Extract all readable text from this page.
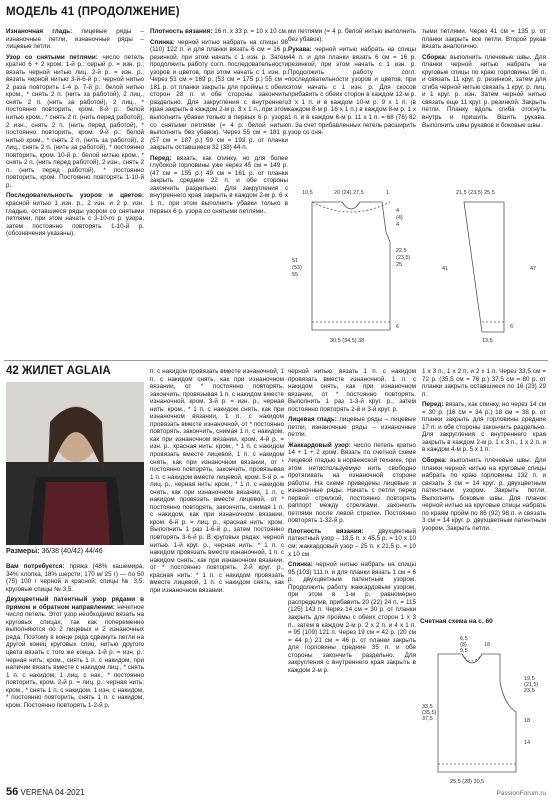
МОДЕЛЬ 41 (ПРОДОЛЖЕНИЕ)

Изнаночная гладь: лицевые ряды – изнаночные петли, изнаночные ряды – лицевые петли.

Узор со снятыми петлями: число петель кратно 6 + 2 кром. 1-й р.: серый р. = изн. р.; вязать черной нитью лиц. 2-й р. = изн. р.; вязать черной нитью 3-й-6-й р.: черной нитью 2 раза повторить 1-4 р. 7-й р.: белой нитью кром., * снять 2 п. (нить за работой), 2 лиц., снять 2 п. (нить за работой), 2 лиц., * постоянно повторить, кром. 8-й р.: белой нитью кром., * снять 2 п. (нить перед работой), 2 изн., снять 2 п. (нить перед работой), * постоянно повторить, кром. 9-й р.: белой нитью кром., * снять 2 п. (нить за работой), 2 лиц., снять 2 п. (нить за работой), * постоянно повторить, кром. 10-й р.: белой нитью кром., * снять 2 п. (нить перед работой), 2 изн., снять 2 п. (нить перед работой), * постоянно повторить, кром. Постоянно повторять 1-10-й р.

Последовательность узоров и цветов: красной нитью 1 изн. р., 2 изн. и 2 р. изн. гладью, оставшиеся ряды узором со снятыми петлями, при этом начать с 3-10-го р. узора, затем постоянно повторять 1-10-й р. (обозначения указаны).

Плотность вязания: 16 п. x 33 р. = 10 x 10 см.

Спинка: черной нитью набрать на спицы 98 (110) 122 п. и для планки вязать 6 см = 16 р. резинкой, при этом начать с 1 изн. р. Затем продолжить работу согл. последовательности узоров и цветов, при этом начать с 1 изн. р. Через 51 см = 169 р. (53 см = 175 р.) 55 см = 181 р. от планки закрыть для проймы с обеих сторон 28 п. и обе стороны закончить раздельно. Для закругления с внутреннего края закрыть в каждом 2-м р. 3 x 1 п., при этом выполнить убавки только в первых 6 р. узора со снятыми петлями (= 4 р. белой нитью выполнить без убавок). Через 55 см = 181 р. (57 см = 187 р.) 59 см = 193 р. от планки закрыть оставшиеся 32 (38) 44 п.

Перед: вязать, как спинку, но для более глубокой горловины уже через 45 см = 149 р. (47 см = 155 р.) 49 см = 161 р. от планки закрыть средние 22 п. и обе стороны закончить раздельно. Для закругления с внутреннего края закрыть в каждом 2-м р. 6 x 1 п., при этом выполнить убавки только в первых 6 р. узора со снятыми петлями.

ми петлями (= 4 р. белой нитью выполнить без убавок).

Рукава: черной нитью набрать на спицы 44 п. и для планки вязать 6 см = 16 р. резинкой, при этом начать с 1 изн. р. Продолжить работу согл. последовательности узоров и цветов, при этом начать с 1 изн. р. Для скосов прибавить с обеих сторон в каждом 12-м р. 3 x 1 п. и в каждом 10-м р. 9 x 1 п. (в каждом 8-м р. 16 x 1 п.) в каждом 8-м р. 1 x 1 п. и в каждом 6-м р. 11 x 1 п. = 68 (76) 82 п. За счет прибавленных петель расширить узор со сня-

тыми петлями. Через 41 см = 135 р. от планки закрыть все петли. Второй рукав вязать аналогично.

Сборка: выполнить плечевые швы. Для планки черной нитью набрать на круговые спицы по краю горловины 96 п. и связать 11 круг. р. резинкой, затем для сгиба черной нитью связать 1 круг. р. лиц. и 1 круг. р. изн. Затем черной нитью связать еще 11 круг. р. резинкой. Закрыть петли. Планку вдоль сгиба отогнуть внутрь и пришить. Вшить рукава. Выполнить швы рукавов и боковые швы.

10,5	20 (24) 27,5	1
51
(53)
55
4
(4)
4
22,5
(23,5)
25
6
30,5 (34,5) 38
21,5 (23,5) 25,5
41	47
13,5
6
42 ЖИЛЕТ AGLAIA
Размеры: 36/38 (40/42) 44/46

Вам потребуется: пряжа (48% кашемира, 34% хлопка, 18% шерсти; 170 м/ 25 г) — по 50 (75) 100 г черной и красной; спицы № 3,5; круговые спицы № 3,5.

Двухцветный патентный узор рядами в прямом и обратном направлении: нечетное число петель. Этот узор необходимо вязать на круговых спицах, так как попеременно выполняются по 2 лицевых и 2 изнаночных ряда. Поэтому в конце ряда сдвинуть петли на другой конец круговых спиц, нитью другого цвета вязать с того же конца. 1-й р. = изн. р.: черная нить; кром., снять 1 п. с накидом, при наличии вязать вместе с накидом лиц., * снять 1 п. с накидом, 1 лиц. с нак., * постоянно повторить, кром. 2-й р. = лиц. р.: черная нить; кром., * снять 1 п. с накидом, 1 изн. с накидом, * постоянно повторить, снять 1 п. с накидом, кром. Постоянно повторять 1-2-й р.

п. с накидом провязать вместе изнаночной, 1 п. с накидом снять, как при изнаночном вязании, от * постоянно повторять, закончить, провязывая 1 п. с накидом вместе изнаночной, кром. 3-й р. = изн. р., черная нить: кром., * 1 п. с накидом снять, как при изнаночном вязании, 1 п. с накидом провязать вместе изнаночной, от * постоянно повторять, закончить, снимая 1 п. с накидом, как при изнаночном вязании, кром. 4-й р. = изн. р., красная нить: кром., * 1 п. с накидом провязать вместе лицевой, 1 п. с накидом снять, как при изнаночном вязании, от * постоянно повторять, закончить, провязывая 1 п. с накидом вместе лицевой, кром. 5-й р. = лиц. р., черная нить: кром., * 1 п. с накидом снять, как при изнаночном вязании, 1 п. с накидом провязать вместе лицевой, от * постоянно повторять, закончить, снимая 1 п. с накидом, как при изнаночном вязании, кром. 6-й р. = лиц. р., красная нить: кром. Выполнить 1 раз 1-6-й р., затем постоянно повторять 3-6-й р. В круговых рядах: черной нитью. 1-й круг. р., черная нить: * 1 п. с накидом провязать вместе изнаночной, 1 п. с накидом снять, как при изнаночном вязании, от * постоянно повторять. 2-й круг. р., красная нить: * 1 п. с накидом провязать вместе лицевой, 1 п. с накидом снять, как при изнаночном вязании.

черной нитью: вязать 1 п. с накидом провязать вместе изнаночной, 1 п. с накидом снять, как при изнаночном вязании, от * постоянно повторять. Выполнить 1 раз 1-3-й круг. р., затем постоянно повторять 2-й и 3-й круг. р.

Лицевая гладь: лицевые ряды – лицевые петли, изнаночные ряды – изнаночные петли.

Жаккардовый узор: число петель кратно 14 + 1 + 2 кром. Вязать по счетной схеме лицевой гладью в норвежской технике, при этом нетиспользуемую нить свободно протягивать на изнаночной стороне работы. На схеме приведены лицевые и изнаночные ряды. Начать с петли перед первой стрелкой, постоянно повторять раппорт между стрелками, закончить петлями после левой стрелки. Постоянно повторять 1-32-й р.

Плотность вязания: двухцветный патентный узор – 18,5 п. x 45,5 р. = 10 x 10 см; жаккардовый узор – 25 п. x 21,5 р. = 10 x 10 см.

Спинка: черной нитью набрать на спицы 95 (103) 111 п. и для планки вязать 1 см = 6 р. двухцветным патентным узором. Продолжить работу жаккардовым узором, при этом в 1-м р. равномерно распределив, прибавить 20 (22) 24 п. = 115 (125) 143 п. Через 14 см = 30 р. от планки закрыть для проймы с обеих сторон 1 x 3 п., затем в каждом 2-м р. 2 x 2 п. и 4 x 1 п. = 95 (109) 121 п. Через 19 см = 42 р. (20 см = 44 р.) 21 см = 46 р. от планки закрыть для горловины средние 35 п. и обе стороны закончить раздельно. Для закругления с внутреннего края закрыть в каждом 2-м р.

1 x 3 п., 1 x 2 п. и 2 x 1 п. Через 33,5 см = 72 р. (35,5 см = 76 р.) 37,5 см = 80 р. от планки закрыть оставшиеся по 16 (23) 29 п.

Перед: вязать, как спинку, но через 14 см = 30 р. (16 см = 34 р.) 18 см = 38 р. от планки закрыть для горловины средние 17 п. и обе стороны закончить раздельно. Для закругления с внутреннего края закрыть в каждом 2-м р. 1 x 3 п., 1 x 2 п. и в каждом 4-м р. 5 x 1 п.

Сборка: выполнить плечевые швы. Для планки черной нитью на круговые спицы набрать по краю горловины 132 п. и связать 3 см = 14 круг. р. двухцветным патентным узором. Закрыть петли. Выполнить боковые швы. Для планок черной нитью на круговые спицы набрать по краям пройм по 86 (92) 98 п. и связать 3 см = 14 круг. р. двухцветным патентным узором. Закрыть петли.

Счетная схема на с. 60
6,5
(8)
9,5
18
19,5
(21,5)
23,5
18
14
33,5
(35,5)
37,5
25,5 (28) 30,5
56 VERENA 04·2021	PassionForum.ru
